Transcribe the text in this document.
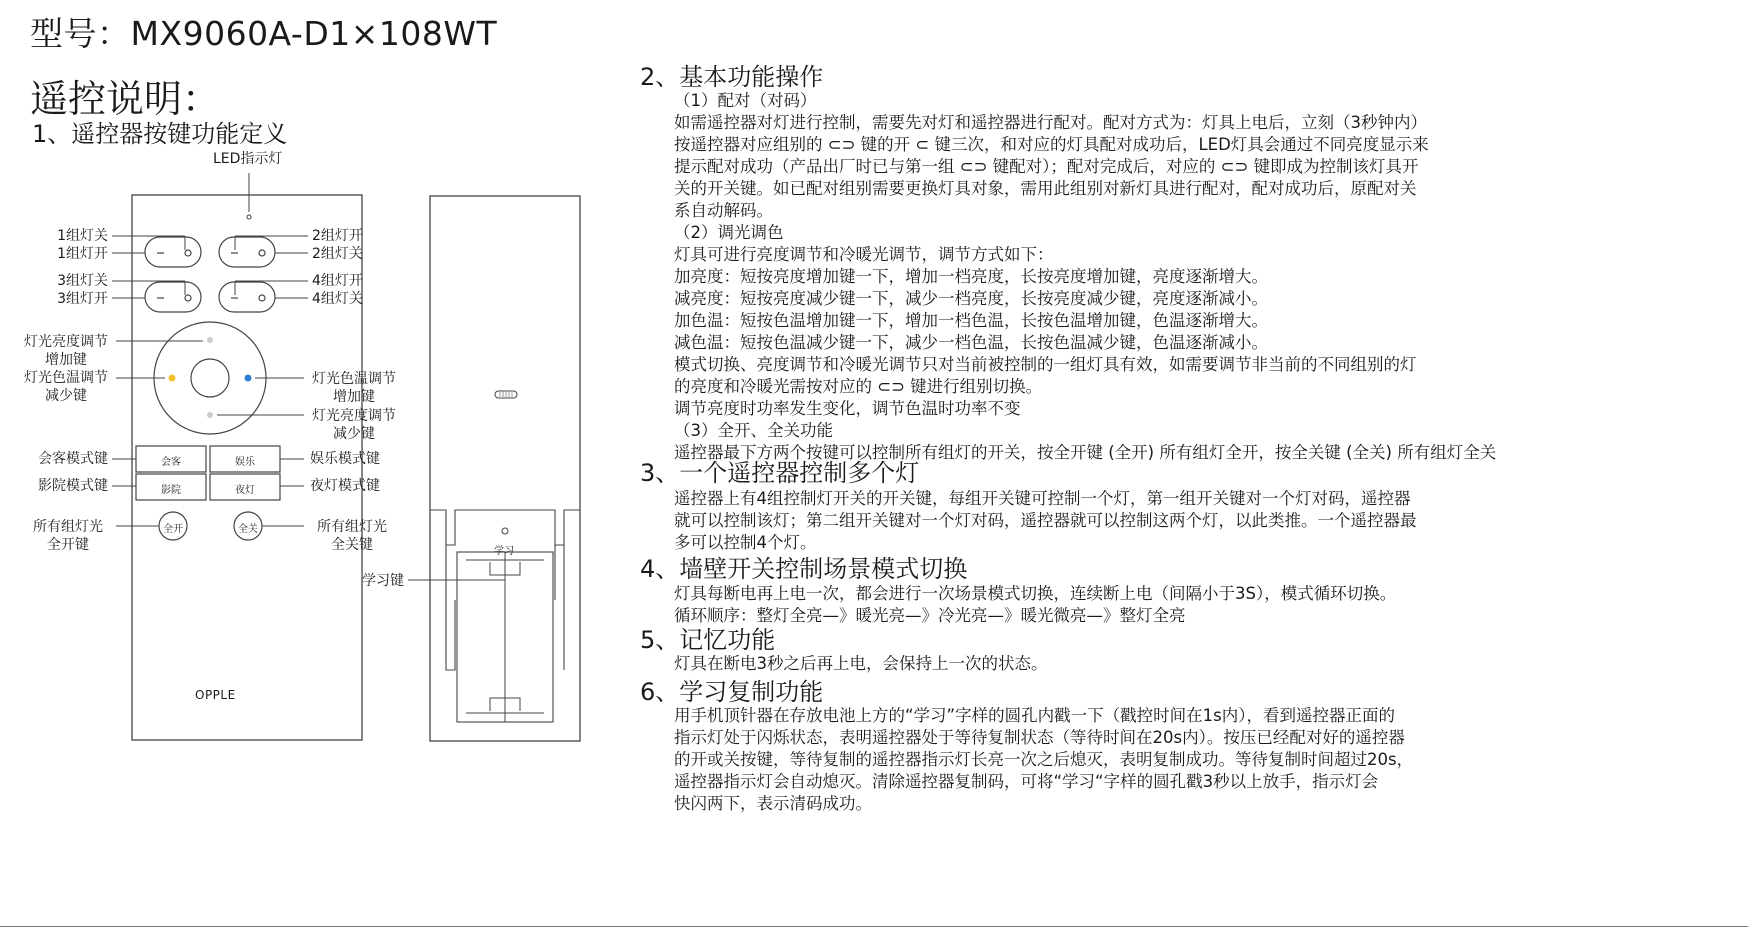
型号：MX9060A-D1×108WT
遥控说明：
1、遥控器按键功能定义
LED指示灯
1组灯关
1组灯开
3组灯关
3组灯开
2组灯开
2组灯关
4组灯开
4组灯关
灯光亮度调节
增加键
灯光色温调节
减少键
灯光色温调节
增加键
灯光亮度调节
减少键
会客	娱乐
影院	夜灯
会客模式键
影院模式键
娱乐模式键
夜灯模式键
全开	全关
所有组灯光
全开键
所有组灯光
全关键
OPPLE
学习
学习键
2、基本功能操作
（1）配对（对码）
如需遥控器对灯进行控制，需要先对灯和遥控器进行配对。配对方式为：灯具上电后，立刻（3秒钟内）
按遥控器对应组别的 ⊂⊃ 键的开 ⊂ 键三次，和对应的灯具配对成功后，LED灯具会通过不同亮度显示来
提示配对成功（产品出厂时已与第一组 ⊂⊃ 键配对）；配对完成后，对应的 ⊂⊃ 键即成为控制该灯具开
关的开关键。如已配对组别需要更换灯具对象，需用此组别对新灯具进行配对，配对成功后，原配对关
系自动解码。
（2）调光调色
灯具可进行亮度调节和冷暖光调节，调节方式如下：
加亮度：短按亮度增加键一下，增加一档亮度，长按亮度增加键，亮度逐渐增大。
减亮度：短按亮度减少键一下，减少一档亮度，长按亮度减少键，亮度逐渐减小。
加色温：短按色温增加键一下，增加一档色温，长按色温增加键，色温逐渐增大。
减色温：短按色温减少键一下，减少一档色温，长按色温减少键，色温逐渐减小。
模式切换、亮度调节和冷暖光调节只对当前被控制的一组灯具有效，如需要调节非当前的不同组别的灯
的亮度和冷暖光需按对应的 ⊂⊃ 键进行组别切换。
调节亮度时功率发生变化，调节色温时功率不变
（3）全开、全关功能
遥控器最下方两个按键可以控制所有组灯的开关，按全开键 (全开) 所有组灯全开，按全关键 (全关) 所有组灯全关
3、一个遥控器控制多个灯
遥控器上有4组控制灯开关的开关键，每组开关键可控制一个灯，第一组开关键对一个灯对码，遥控器
就可以控制该灯；第二组开关键对一个灯对码，遥控器就可以控制这两个灯，以此类推。一个遥控器最
多可以控制4个灯。
4、墙壁开关控制场景模式切换
灯具每断电再上电一次，都会进行一次场景模式切换，连续断上电（间隔小于3S），模式循环切换。
循环顺序：整灯全亮—》暖光亮—》冷光亮—》暖光微亮—》整灯全亮
5、记忆功能
灯具在断电3秒之后再上电，会保持上一次的状态。
6、学习复制功能
用手机顶针器在存放电池上方的“学习”字样的圆孔内戳一下（戳控时间在1s内），看到遥控器正面的
指示灯处于闪烁状态，表明遥控器处于等待复制状态（等待时间在20s内）。按压已经配对好的遥控器
的开或关按键，等待复制的遥控器指示灯长亮一次之后熄灭，表明复制成功。等待复制时间超过20s，
遥控器指示灯会自动熄灭。清除遥控器复制码，可将“学习“字样的圆孔戳3秒以上放手，指示灯会
快闪两下，表示清码成功。
